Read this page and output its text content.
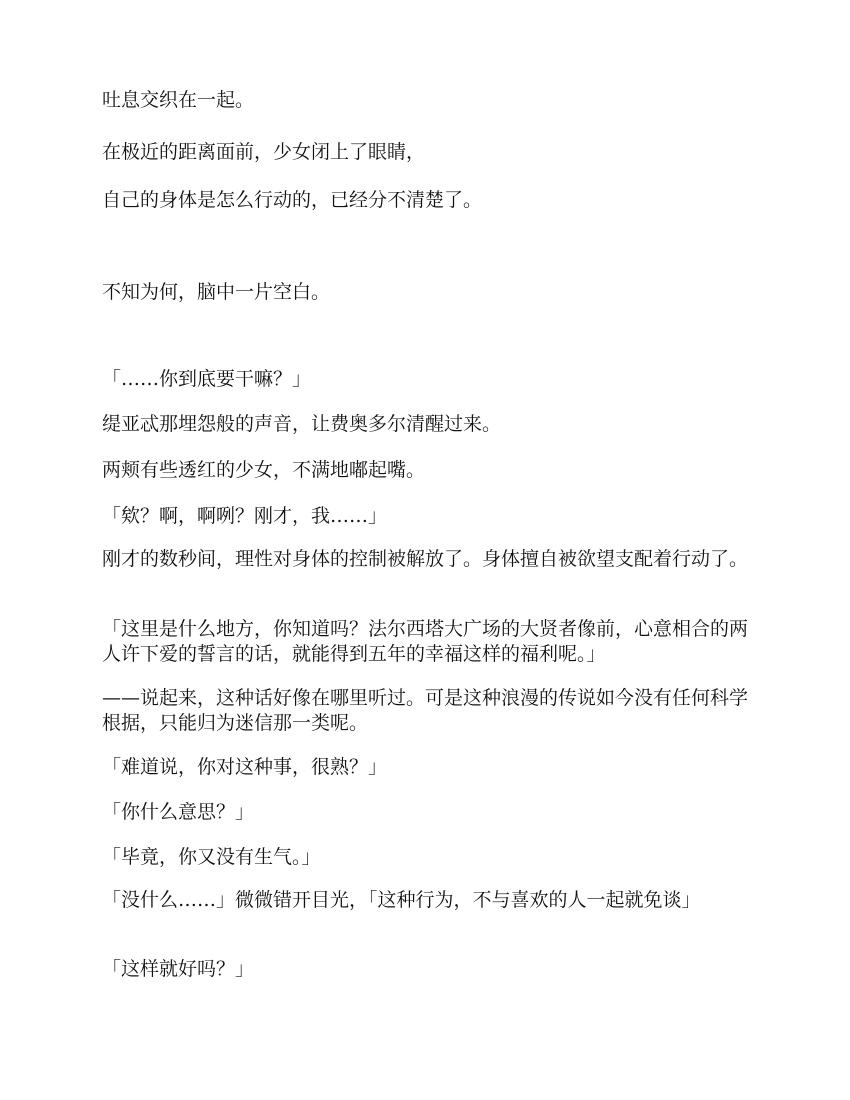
吐息交织在一起。

在极近的距离面前，少女闭上了眼睛，

自己的身体是怎么行动的，已经分不清楚了。

不知为何，脑中一片空白。

「……你到底要干嘛？」

缇亚忒那埋怨般的声音，让费奥多尔清醒过来。

两颊有些透红的少女，不满地嘟起嘴。

「欸？啊，啊咧？刚才，我……」

刚才的数秒间，理性对身体的控制被解放了。身体擅自被欲望支配着行动了。

「这里是什么地方，你知道吗？法尔西塔大广场的大贤者像前，心意相合的两人许下爱的誓言的话，就能得到五年的幸福这样的福利呢。」

——说起来，这种话好像在哪里听过。可是这种浪漫的传说如今没有任何科学根据，只能归为迷信那一类呢。

「难道说，你对这种事，很熟？」

「你什么意思？」

「毕竟，你又没有生气。」

「没什么……」微微错开目光，「这种行为，不与喜欢的人一起就免谈」

「这样就好吗？」
